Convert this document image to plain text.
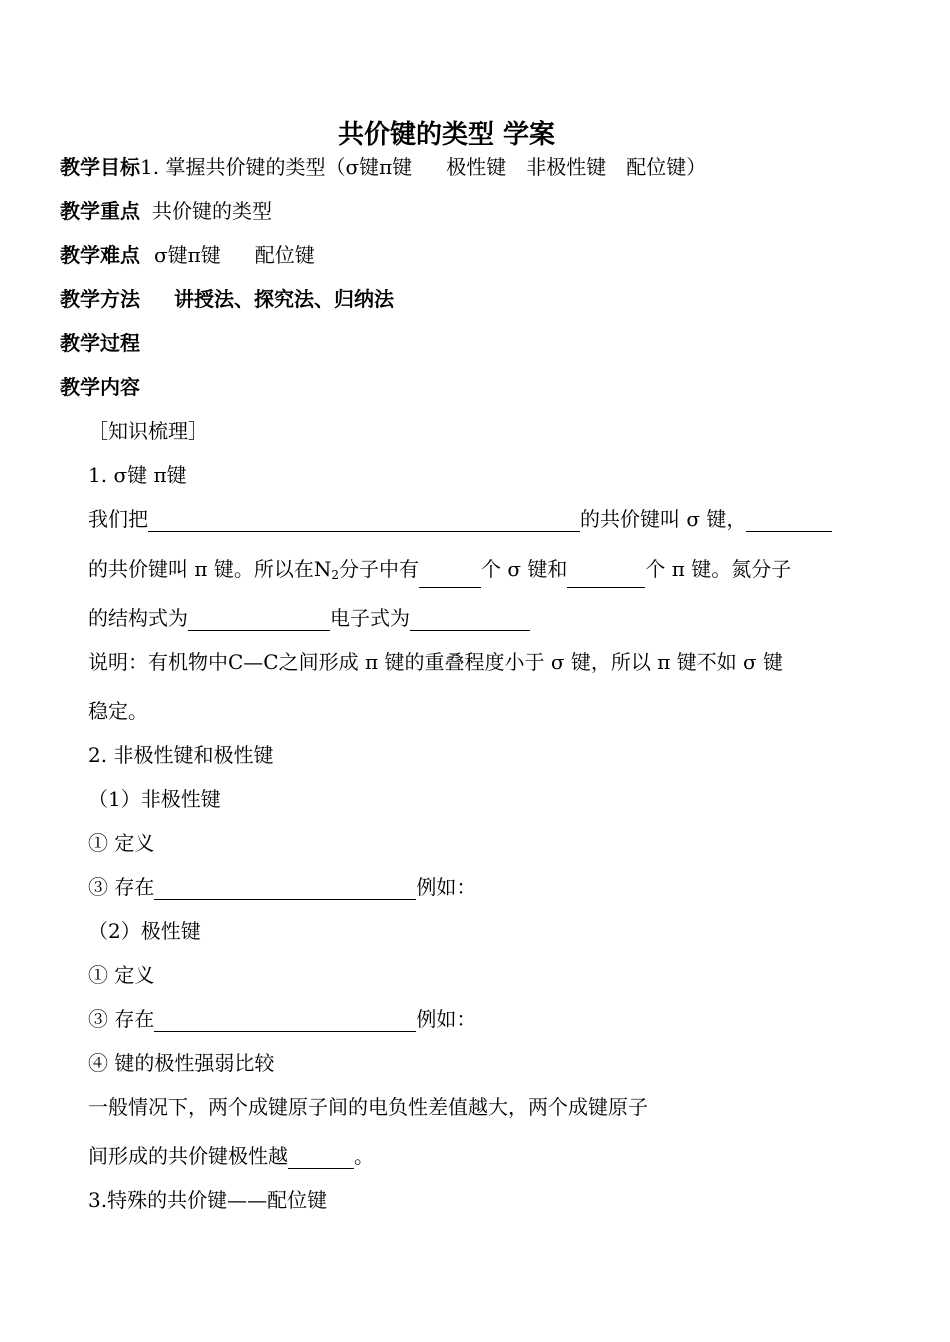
共价键的类型 学案
教学目标1. 掌握共价键的类型（σ键π键 极性键 非极性键 配位键）
教学重点 共价键的类型
教学难点 σ键π键 配位键
教学方法 讲授法、探究法、归纳法
教学过程
教学内容
［知识梳理］
1. σ键 π键
我们把	的共价键叫 σ 键，
的共价键叫 π 键。所以在$N_2$分子中有	个 σ 键和	个 π 键。氮分子
的结构式为	电子式为
说明：有机物中C—C之间形成 π 键的重叠程度小于 σ 键，所以 π 键不如 σ 键
稳定。
2. 非极性键和极性键
（1）非极性键
① 定义
③ 存在	例如：
（2）极性键
① 定义
③ 存在	例如：
④ 键的极性强弱比较
一般情况下，两个成键原子间的电负性差值越大，两个成键原子
间形成的共价键极性越	。
3.特殊的共价键——配位键
